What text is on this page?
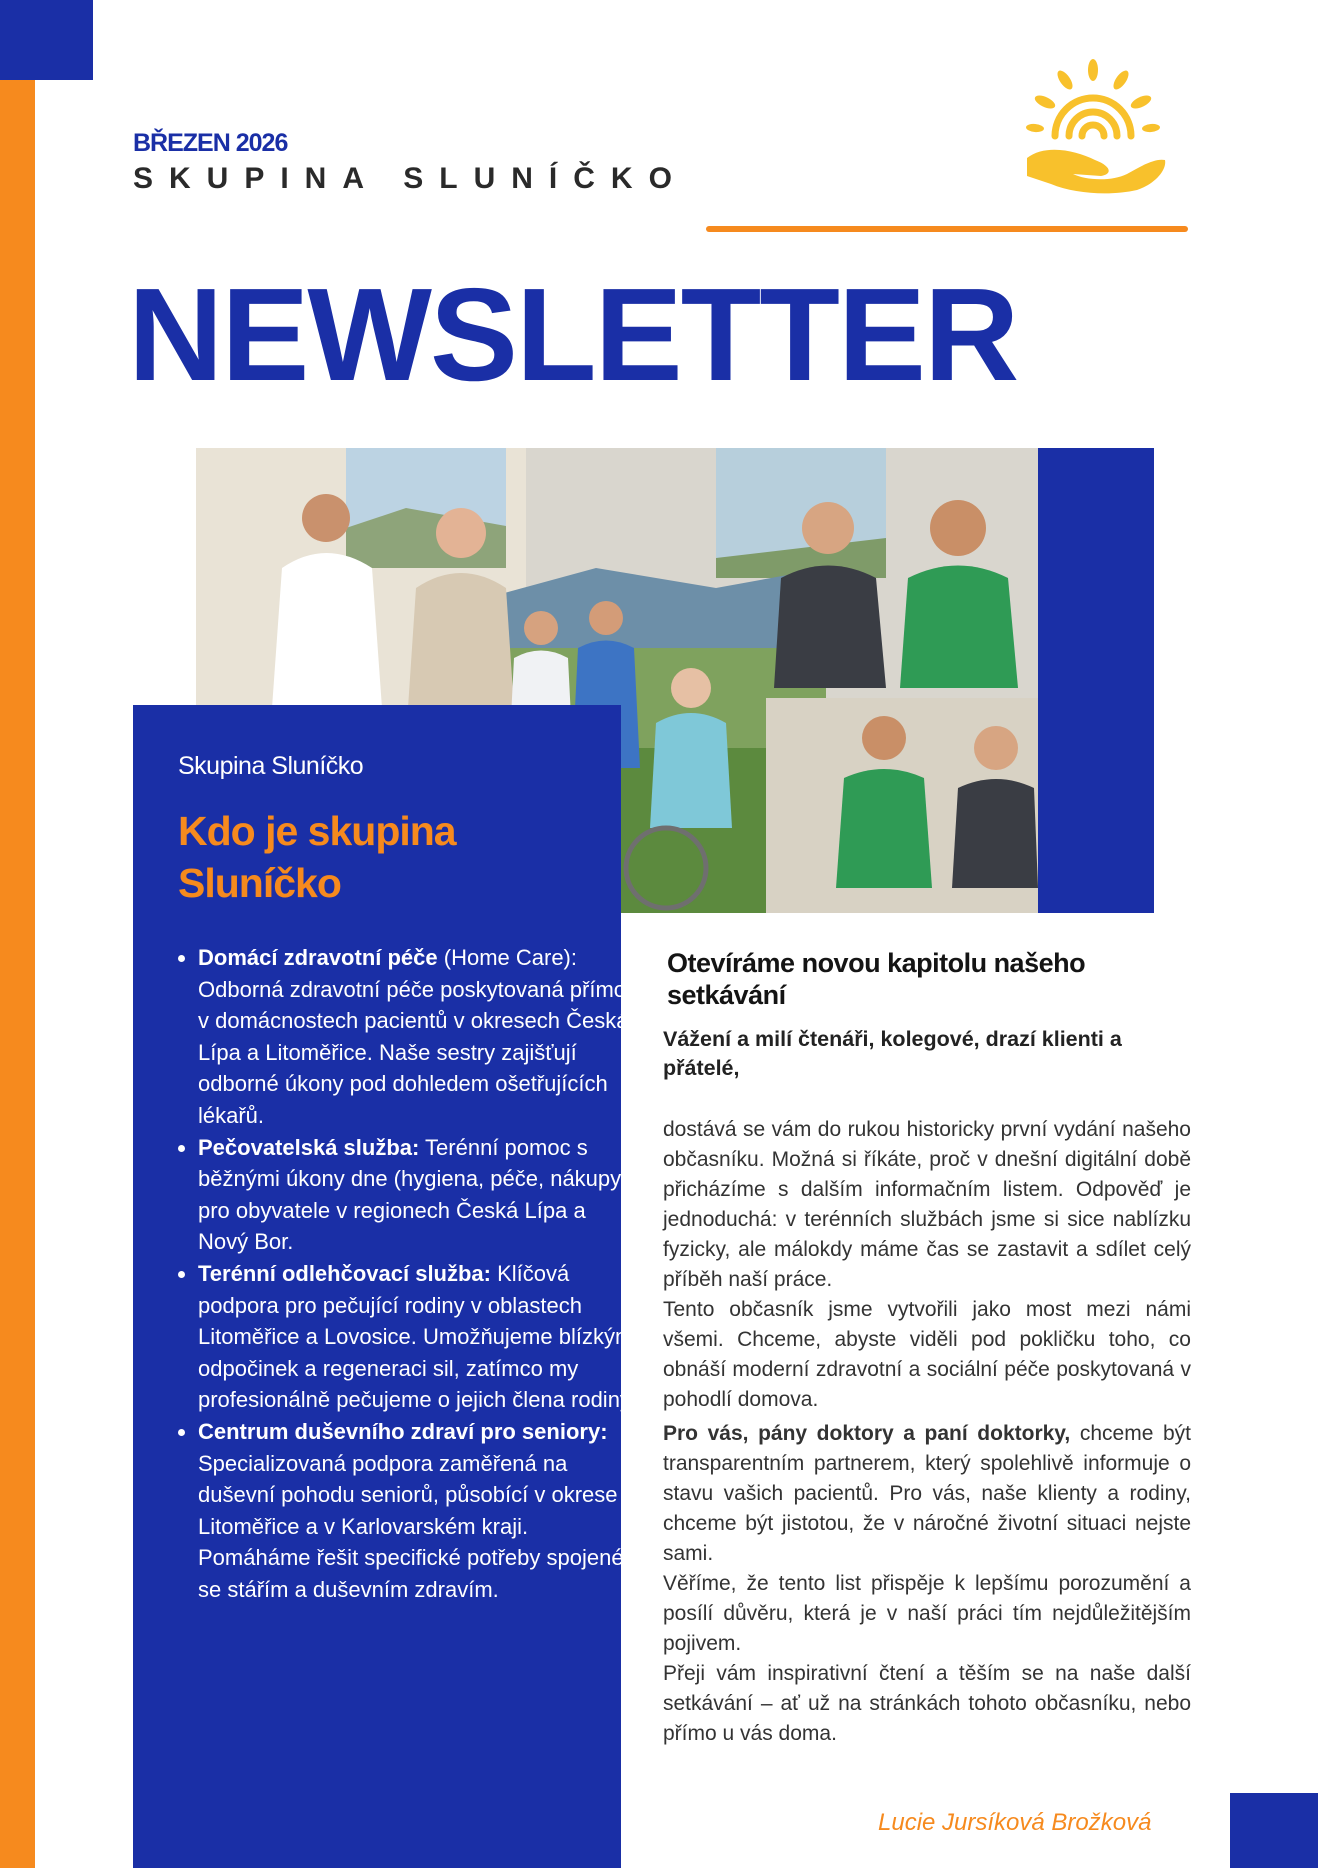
BŘEZEN 2026
SKUPINA SLUNÍČKO
NEWSLETTER
Skupina Sluníčko
Kdo je skupina Sluníčko
• Domácí zdravotní péče (Home Care): Odborná zdravotní péče poskytovaná přímo v domácnostech pacientů v okresech Česká Lípa a Litoměřice. Naše sestry zajišťují odborné úkony pod dohledem ošetřujících lékařů.
• Pečovatelská služba: Terénní pomoc s běžnými úkony dne (hygiena, péče, nákupy) pro obyvatele v regionech Česká Lípa a Nový Bor.
• Terénní odlehčovací služba: Klíčová podpora pro pečující rodiny v oblastech Litoměřice a Lovosice. Umožňujeme blízkým odpočinek a regeneraci sil, zatímco my profesionálně pečujeme o jejich člena rodiny.
• Centrum duševního zdraví pro seniory: Specializovaná podpora zaměřená na duševní pohodu seniorů, působící v okrese Litoměřice a v Karlovarském kraji. Pomáháme řešit specifické potřeby spojené se stářím a duševním zdravím.
Otevíráme novou kapitolu našeho setkávání
Vážení a milí čtenáři, kolegové, drazí klienti a přátelé,

dostává se vám do rukou historicky první vydání našeho občasníku. Možná si říkáte, proč v dnešní digitální době přicházíme s dalším informačním listem. Odpověď je jednoduchá: v terénních službách jsme si sice nablízku fyzicky, ale málokdy máme čas se zastavit a sdílet celý příběh naší práce.

Tento občasník jsme vytvořili jako most mezi námi všemi. Chceme, abyste viděli pod pokličku toho, co obnáší moderní zdravotní a sociální péče poskytovaná v pohodlí domova.

Pro vás, pány doktory a paní doktorky, chceme být transparentním partnerem, který spolehlivě informuje o stavu vašich pacientů. Pro vás, naše klienty a rodiny, chceme být jistotou, že v náročné životní situaci nejste sami.

Věříme, že tento list přispěje k lepšímu porozumění a posílí důvěru, která je v naší práci tím nejdůležitějším pojivem.

Přeji vám inspirativní čtení a těším se na naše další setkávání – ať už na stránkách tohoto občasníku, nebo přímo u vás doma.

Lucie Jursíková Brožková
